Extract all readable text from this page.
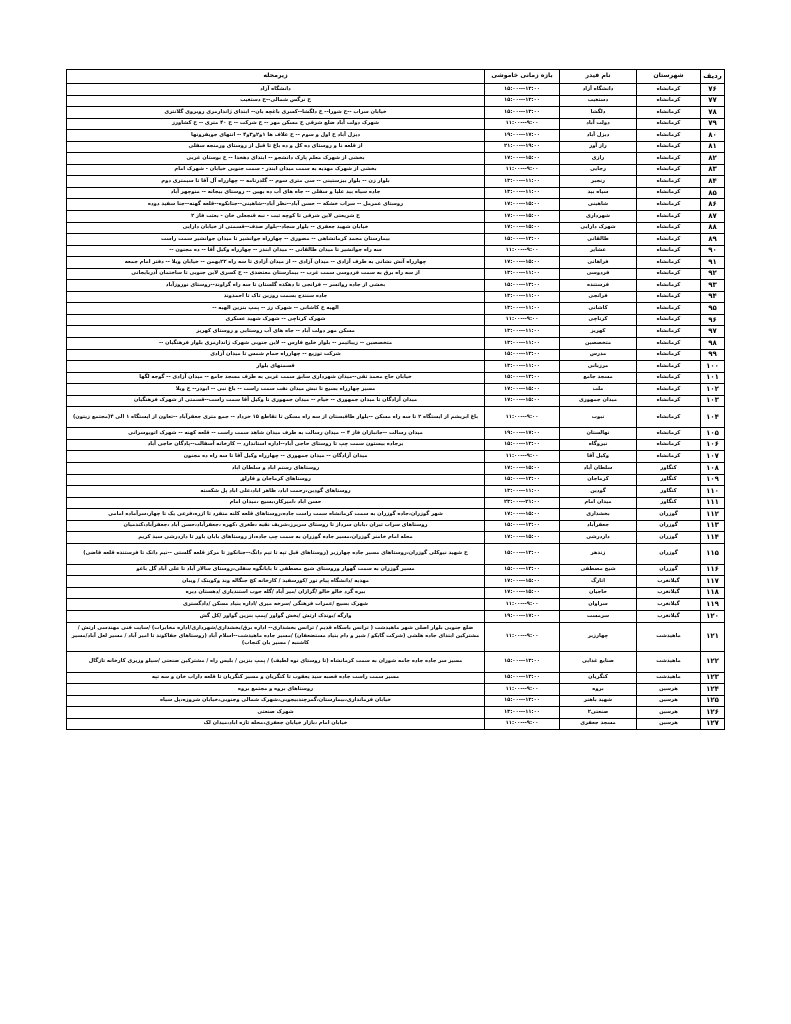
ردیف	شهرستان	نام فیدر	بازه زمانی خاموشی	زیرمحله
۷۶	کرمانشاه	دانشگاه آزاد	۱۵:۰۰---۱۳:۰۰	دانشگاه آزاد
۷۷	کرمانشاه	دستغیب	۱۵:۰۰---۱۳:۰۰	خ نرگس شمالی--خ دستغیب
۷۸	کرمانشاه	دلگشا	۱۵:۰۰---۱۳:۰۰	خیابان سراب --خ شورا-- خ دلگشا--کسری باغچه بان-- ابتدای ژاندارمری روبروی گلانتری
۷۹	کرمانشاه	دولت آباد	۱۱:۰۰---۹:۰۰	شهرک دولت آباد ضلع شرقی خ مسکن مهر -- خ شرکت -- خ ۴۰ متری -- خ کشاورز
۸۰	کرمانشاه	دیزل آباد	۱۹:۰۰---۱۷:۰۰	دیزل آباد خ اول و سوم -- خ علاف ها ۱و۲و۳و۴ -- انتهای جویفرونها
۸۱	کرمانشاه	راز آور	۲۱:۰۰---۱۹:۰۰	از قلعه نا و روستای ده کل و ده باغ تا قبل از روستای ورمنجه سفلی
۸۲	کرمانشاه	رازی	۱۷:۰۰---۱۵:۰۰	بخشی از شهرک معلم پارک دانشجو -- ابتدای دهخدا -- خ بوستان غربی
۸۳	کرمانشاه	رجایی	۱۱:۰۰---۹:۰۰	بخشی از شهرک مهدیه به سمت میدان ابنذر - سمت جنوبی خیابان - شهرک امام
۸۴	کرمانشاه	رنجبر	۱۳:۰۰---۱۱:۰۰	بلوار زن -- بلوار بیزستینی -- سی متری سوم -- گلدرنامه -- چهارراه آل آقا تا سیمتری دوم
۸۵	کرمانشاه	سیاه بید	۱۳:۰۰---۱۱:۰۰	جاده سیاه بید علیا و سفلی -- جاه های آب ده بهین -- روستای بیجانه -- منوچهر آباد
۸۶	کرمانشاه	شاهینی	۱۷:۰۰---۱۵:۰۰	روستای عمرمل -- سراب خشکه -- حسن آباد--نظر آباد--شاهینی--جنانکوه--قلعه گهنه--جنا سفید دوده
۸۷	کرمانشاه	شهرداری	۱۷:۰۰---۱۵:۰۰	خ شریعتی لاین شرقی تا کوچه ثبت - نبه قنجعلی خان - بعثت فاز ۲
۸۸	کرمانشاه	شهرک دارایی	۱۷:۰۰---۱۵:۰۰	خیابان شهید جعفری -- بلوار سجاد--بلوار صدف--قسمتی از خیابان دارایی
۸۹	کرمانشاه	طالقانی	۱۵:۰۰---۱۳:۰۰	بیمارستان محمد کرمانشاهی -- مصوری -- چهارراه جوانشیر تا میدان جوانشیر سمت راست
۹۰	کرمانشاه	عشایر	۱۱:۰۰---۹:۰۰	سه راه جوانشیر تا میدان طالقانی -- میدان ابنذر -- چهارراه وکیل آقا -- ده مجنون --
۹۱	کرمانشاه	فراهانی	۱۷:۰۰---۱۵:۰۰	چهارراه آتش نشانی به طرف آزادی -- میدان آزادی -- از میدان آزادی تا سه راه ۲۲بهمن -- خیابان ویلا -- دفتر امام جمعه
۹۲	کرمانشاه	فردوسی	۱۳:۰۰---۱۱:۰۰	از سه راه برق به سمت فردوسی سمت غرب -- بیمارستان معتضدی -- خ کسری لاین جنوبی تا ساختمان آذربایجانی
۹۳	کرمانشاه	فرستنده	۱۵:۰۰---۱۳:۰۰	بخشی از جاده رواتسر -- فرانجی تا دهکده گلستان تا سه راه گراوند--روستای نوروزآباد
۹۴	کرمانشاه	فرانجی	۱۳:۰۰---۱۱:۰۰	جاده سنندج بسمت روزبن تاک تا احمدوند
۹۵	کرمانشاه	کاشانی	۱۳:۰۰---۱۱:۰۰	الهیه خ کاشانی -- شهرک رز -- پمپ بنزین الهیه --
۹۶	کرمانشاه	کرناچی	۱۱:۰۰---۹:۰۰	شهرک کرناچی -- شهرک شهید عسکری
۹۷	کرمانشاه	کهریز	۱۳:۰۰---۱۱:۰۰	مسکن مهر دولت آباد -- جاه های آب روستایی و روستای کهریز
۹۸	کرمانشاه	متخصصین	۱۳:۰۰---۱۱:۰۰	متخصصین -- زیبائیمر -- بلوار خلیج فارس -- لاین جنوبی شهرک ژاندارمری بلوار فرهنگیان --
۹۹	کرمانشاه	مدرس	۱۵:۰۰---۱۳:۰۰	شرکت توزیع -- چهارراه حمام شمس تا میدان آزادی
۱۰۰	کرمانشاه	مرزبانی	۱۳:۰۰---۱۱:۰۰	قسمتهای بلوار
۱۰۱	کرمانشاه	مسجد جامع	۱۵:۰۰---۱۳:۰۰	خیابان حاج محمد تقی--میدان شهرداری سابق سمت غربی به طرف مسجد جامع -- میدان آزادی -- گوجه لگها
۱۰۲	کرمانشاه	ملت	۱۷:۰۰---۱۵:۰۰	مسیر چهارراه بسیج تا نبش میدان نفت سمت راست -- باغ نبی -- ابوذر-- خ ویلا
۱۰۳	کرمانشاه	میدان جمهوری	۱۷:۰۰---۱۵:۰۰	میدان آزادگان تا میدان جمهوری -- خیام -- میدان جمهوری تا وکیل آقا سمت راست--قسمتی از شهرک فرهنگیان
۱۰۴	کرمانشاه	نبوت	۱۱:۰۰---۹:۰۰	باغ ابریشم از ایستگاه ۲ تا سه راه مسکن --بلوار طاقبستان از سه راه مسکن تا تقاطع ۱۵ خرداد -- جمع متری جعفرآباد --تعاون از ایستگاه ۱ الی ۴(مجتمع زیتون)
۱۰۵	کرمانشاه	نهالستان	۱۹:۰۰---۱۷:۰۰	میدان رسالت --جانبازان فاز ۴ -- میدان رسالت به طرف میدان شاهد سمت راست -- قلعه کهنه -- شهرک اتوبوسرانی
۱۰۶	کرمانشاه	نیروگاه	۱۵:۰۰---۱۳:۰۰	برجاده بیستون سمت چپ تا روستای حاجی آباد--اداره استاندارد -- کارخانه آسفالت--پادگان حاجی آباد
۱۰۷	کرمانشاه	وکیل آقا	۱۱:۰۰---۹:۰۰	میدان آزادگان -- میدان جمهوری -- چهارراه وکیل آقا تا سه راه ده مجنون
۱۰۸	کنگاور	سلطان آباد	۱۷:۰۰---۱۵:۰۰	روستاهای رستم اباد و سلطان اباد
۱۰۹	کنگاور	کرماجان	۱۵:۰۰---۱۳:۰۰	روستاهای کرماجان و فارلق
۱۱۰	کنگاور	گودین	۱۳:۰۰---۱۱:۰۰	روستاهای گودین،رحمت اباد، ظاهر اباد،علی اباد پل شکسته
۱۱۱	کنگاور	میدان امام	۲۳:۰۰---۲۱:۰۰	حسن اباد ،امیرکار،بسیج ،میدان امام
۱۱۲	گوزران	بخشداری	۱۷:۰۰---۱۵:۰۰	شهر گوزران،جاده گوزران به سمت کرمانشاه سمت راست جاده،روستاهای قلعه کلنه منفرد تا ازره،فرعی یک تا چهار،سرآماده امامی
۱۱۳	گوزران	جعفرآباد	۱۵:۰۰---۱۳:۰۰	روستاهای سراب تیران ،بابان سرداز تا روستای سربرز،شریف نقیه ،طغری ،کهره ،جعفرآباد،حسن آباد ،جعفرآباد،کندمیان
۱۱۴	گوزران	داردرشی	۱۷:۰۰---۱۵:۰۰	محله امام خامنر گوزران،مسیر جاده گوزران به سمت چپ جاده،از روستاهای بابان باور تا داردرشی سید کریم
۱۱۵	گوزران	زندهر	۱۵:۰۰---۱۳:۰۰	خ شهید نیوکلی گوزران،روستاهای مسیر جاده چهارزبر (روستاهای قبل تپه تا تیم دانگ--جنانکوز تا مرکز قلعه گلستی --نیم دانک تا فرستنده قلعه قاضی)
۱۱۶	گوزران	شیخ مصطفی	۱۵:۰۰---۱۳:۰۰	مسیر گوزران به سمت گهوار وروستای شیخ مصطفی تا بابانگوه سفلی،روستای سالار آباد تا علی آباد گل باغو
۱۱۷	گیلانغرب	اتارگ	۱۷:۰۰---۱۵:۰۰	مهدیه /دانشگاه پیام نور /کورسفید / کارخانه کچ جنگاله وند وکوینک / ویبان
۱۱۸	گیلانغرب	حاجیان	۱۷:۰۰---۱۵:۰۰	بیره گرد خالو خالو /گرازان /میر آباد /گله جوب استندیاری /دهستان دیره
۱۱۹	گیلانغرب	سراوان	۱۱:۰۰---۹:۰۰	شهرک بسیج /عمرات فرهنگی /سرخه میری /اداره بنیاد مسکن /دادگستری
۱۲۰	گیلانغرب	سرمست	۱۹:۰۰---۱۷:۰۰	وارگه /بوندک ارتش /بخش گواور /پمپ بنزین گواور /کل گش
۱۲۱	ماهیدشت	چهارزبر	۱۱:۰۰---۹:۰۰	ضلع جنوبی بلوار اصلی شهر ماهیدشت ( ترانس باسکاه قدیم / ترانس بخشداری-- اداره برق/بخشداری/شهرداری/اداره مخابرات) /سایت فنی مهندسی ارتش / مشترکین ابتدای جاده هلشی (شرکت گابکو / شیر و دام بنیاد مستضعفان) /مسیر جاده ماهیدشت--اسلام آباد (روستاهای جفاکوند تا امیر آباد / مسیر لعل آباد/مسیر کاشنبه / مسیر بان کنجاب)
۱۲۲	ماهیدشت	صنایع غذایی	۱۵:۰۰---۱۳:۰۰	مسیر سر جاده جاده جامه شوران به سمت کرمانشاه (تا روستای نوه لطیف) / پمپ بنزین / بلیس راه / مشترکین صنعتی /سیلو وزیری کارخانه تازگال
۱۲۳	ماهیدشت	کنگریان	۱۵:۰۰---۱۳:۰۰	مسیر سمت راست جاده قصبه سید یعقوب تا کنگریان و مسیر کنگریان تا قلعه داراب خان و سه تپه
۱۲۴	هرسین	بروه	۱۱:۰۰---۹:۰۰	روستاهای بروه و مجتمع بروه
۱۲۵	هرسین	شهید باهنر	۱۵:۰۰---۱۳:۰۰	خیابان فرمانداری،بیمارستان،گمرچندبیجوبی،شهرک شمالی وجنوبی،خیابان شروزه،پل سیاه
۱۲۶	هرسین	صنعتی۲	۱۳:۰۰---۱۱:۰۰	شهرک صنعتی
۱۲۷	هرسین	مسجد جعفری	۱۱:۰۰---۹:۰۰	خیابان امام ،بازار خیابان جعفری،محله تازه اباد،میدان لک
